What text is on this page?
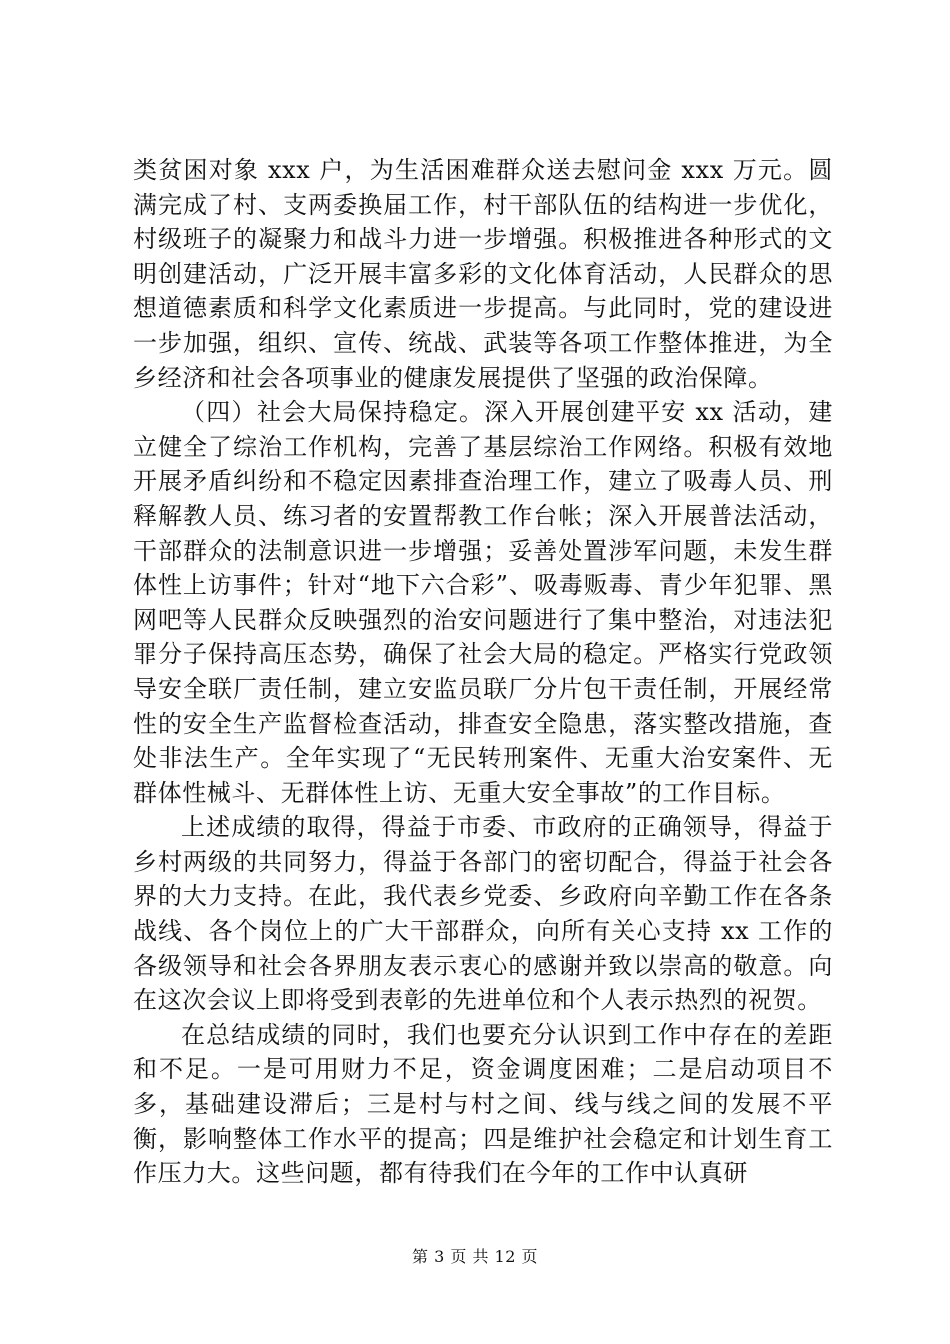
类贫困对象 xxx 户，为生活困难群众送去慰问金 xxx 万元。圆满完成了村、支两委换届工作，村干部队伍的结构进一步优化，村级班子的凝聚力和战斗力进一步增强。积极推进各种形式的文明创建活动，广泛开展丰富多彩的文化体育活动，人民群众的思想道德素质和科学文化素质进一步提高。与此同时，党的建设进一步加强，组织、宣传、统战、武装等各项工作整体推进，为全乡经济和社会各项事业的健康发展提供了坚强的政治保障。

（四）社会大局保持稳定。深入开展创建平安 xx 活动，建立健全了综治工作机构，完善了基层综治工作网络。积极有效地开展矛盾纠纷和不稳定因素排查治理工作，建立了吸毒人员、刑释解教人员、练习者的安置帮教工作台帐；深入开展普法活动，干部群众的法制意识进一步增强；妥善处置涉军问题，未发生群体性上访事件；针对“地下六合彩”、吸毒贩毒、青少年犯罪、黑网吧等人民群众反映强烈的治安问题进行了集中整治，对违法犯罪分子保持高压态势，确保了社会大局的稳定。严格实行党政领导安全联厂责任制，建立安监员联厂分片包干责任制，开展经常性的安全生产监督检查活动，排查安全隐患，落实整改措施，查处非法生产。全年实现了“无民转刑案件、无重大治安案件、无群体性械斗、无群体性上访、无重大安全事故”的工作目标。

上述成绩的取得，得益于市委、市政府的正确领导，得益于乡村两级的共同努力，得益于各部门的密切配合，得益于社会各界的大力支持。在此，我代表乡党委、乡政府向辛勤工作在各条战线、各个岗位上的广大干部群众，向所有关心支持 xx 工作的各级领导和社会各界朋友表示衷心的感谢并致以崇高的敬意。向在这次会议上即将受到表彰的先进单位和个人表示热烈的祝贺。

在总结成绩的同时，我们也要充分认识到工作中存在的差距和不足。一是可用财力不足，资金调度困难；二是启动项目不多，基础建设滞后；三是村与村之间、线与线之间的发展不平衡，影响整体工作水平的提高；四是维护社会稳定和计划生育工作压力大。这些问题，都有待我们在今年的工作中认真研

第 3 页 共 12 页
